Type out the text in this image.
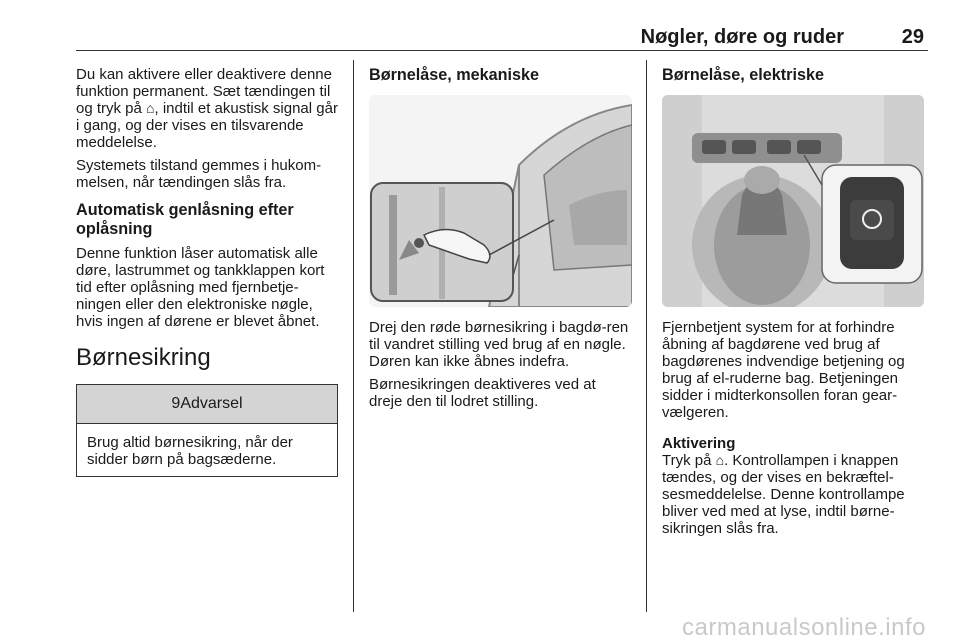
Nøgler, døre og ruder	29

Du kan aktivere eller deaktivere denne funktion permanent. Sæt tændingen til og tryk på ⌂, indtil et akustisk signal går i gang, og der vises en tilsvarende meddelelse.

Systemets tilstand gemmes i hukom-melsen, når tændingen slås fra.

Automatisk genlåsning efter oplåsning

Denne funktion låser automatisk alle døre, lastrummet og tankklappen kort tid efter oplåsning med fjernbetje-ningen eller den elektroniske nøgle, hvis ingen af dørene er blevet åbnet.

Børnesikring
9Advarsel
Brug altid børnesikring, når der sidder børn på bagsæderne.
Børnelåse, mekaniske

Drej den røde børnesikring i bagdø-ren til vandret stilling ved brug af en nøgle. Døren kan ikke åbnes indefra.

Børnesikringen deaktiveres ved at dreje den til lodret stilling.

Børnelåse, elektriske

Fjernbetjent system for at forhindre åbning af bagdørene ved brug af bagdørenes indvendige betjening og brug af el-ruderne bag. Betjeningen sidder i midterkonsollen foran gear-vælgeren.

Aktivering

Tryk på ⌂. Kontrollampen i knappen tændes, og der vises en bekræftel-sesmeddelelse. Denne kontrollampe bliver ved med at lyse, indtil børne-sikringen slås fra.

carmanualsonline.info
